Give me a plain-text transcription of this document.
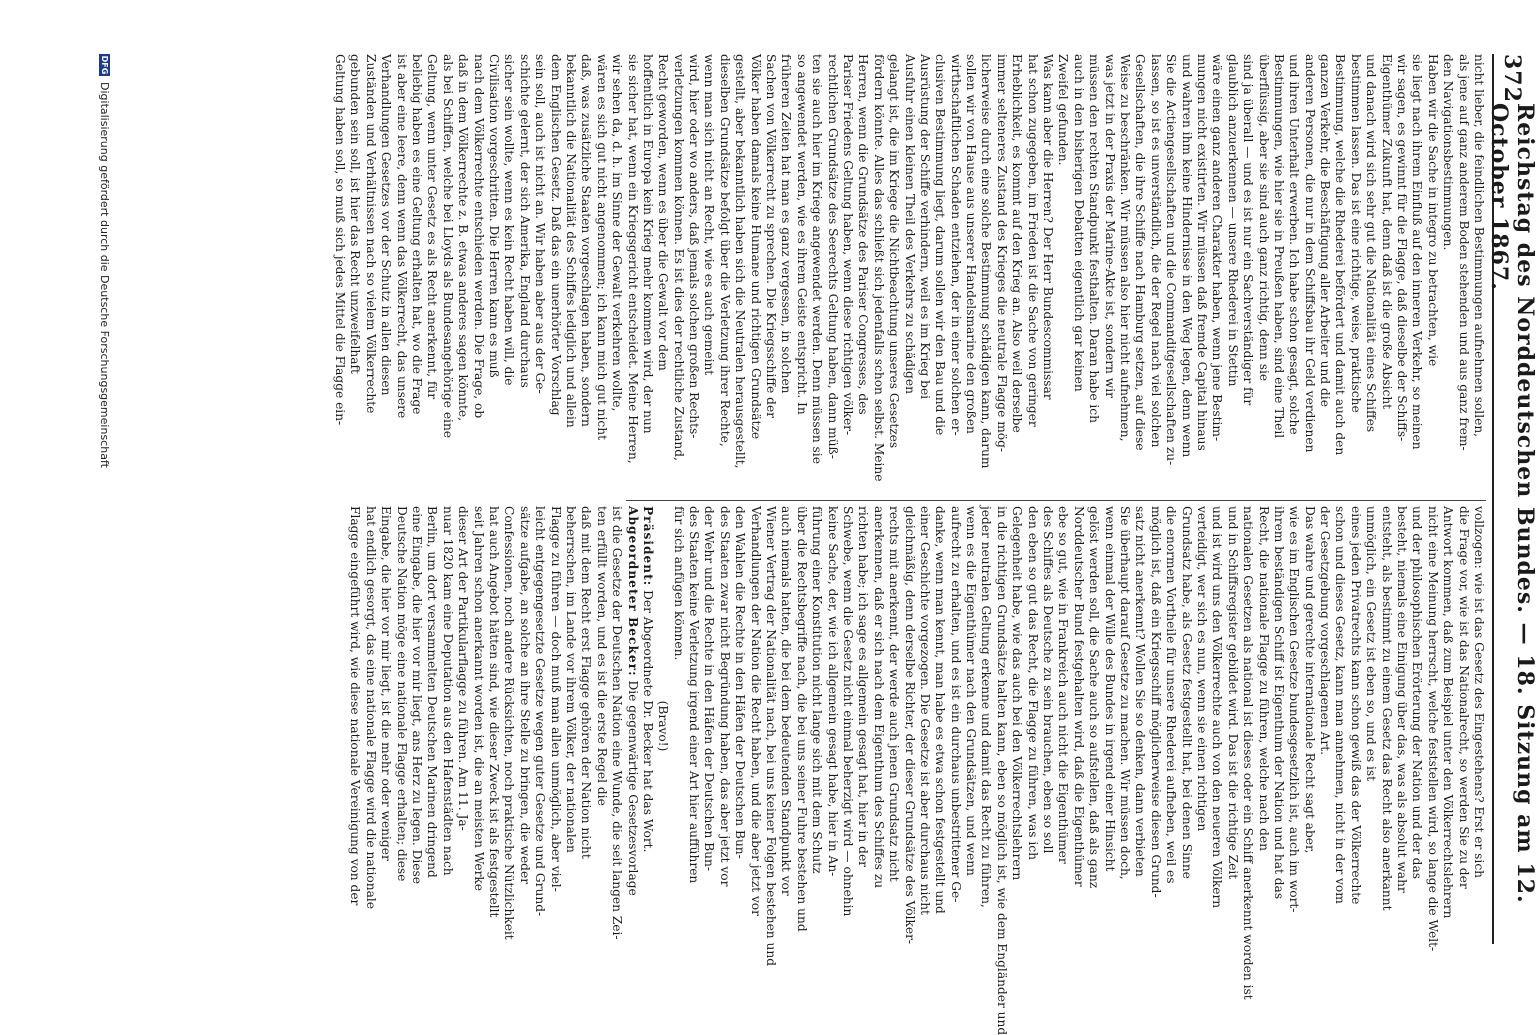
372
Reichstag des Norddeutschen Bundes. — 18. Sitzung am 12. October 1867.
nicht lieber, die feindlichen Bestimmungen aufnehmen sollen,
als jene auf ganz anderem Boden stehenden und aus ganz frem-
den Navigationsbestimmungen.
Haben wir die Sache in integro zu betrachten, wie
sie liegt nach ihrem Einfluß auf den inneren Verkehr, so meinen
wir sagen, es gewinnt für die Flagge, daß dieselbe der Schiffs-
Eigenthümer Zukunft hat, denn daß ist die große Absicht
und danach wird sich sehr gut die Nationalität eines Schiffes
bestimmen lassen. Das ist eine richtige, weise, praktische
Bestimmung, welche die Rhederei befördert und damit auch den
ganzen Verkehr, die Beschäftigung aller Arbeiter und die
anderen Personen, die nur in dem Schiffsbau ihr Geld verdienen
und ihren Unterhalt erwerben. Ich habe schon gesagt, solche
Bestimmungen, wie hier sie in Preußen haben, sind eine Theil
überflüssig, aber sie sind auch ganz richtig, denn sie
sind ja überall — und es ist nur ein Sachverständiger für
glaublich anzuerkennen — unsere Rhederei in Stettin
wäre einen ganz anderen Charakter haben, wenn jene Bestim-
mungen nicht existirten. Wir müssen daß fremde Capital hinaus
und wahren ihm keine Hindernisse in den Weg legen, denn wenn
Sie die Actiengesellschaften und die Commanditgesellschaften zu-
lassen, so ist es unverständlich, die der Regel nach viel solchen
Gesellschaften, die ihre Schiffe nach Hamburg setzen, auf diese
Weise zu beschränken. Wir müssen also hier nicht aufnehmen,
was jetzt in der Praxis der Marine-Akte ist, sondern wir
müssen den rechten Standpunkt festhalten. Daran habe ich
auch in den bisherigen Debatten eigentlich gar keinen
Zweifel gefunden.
Was kann aber die Herren? Der Herr Bundescommissar
hat schon zugegeben, im Frieden ist die Sache von geringer
Erheblichkeit, es kommt auf den Krieg an. Also weil derselbe
immer selteneres Zustand des Krieges die neutrale Flagge mög-
licherweise durch eine solche Bestimmung schädigen kann, darum
sollen wir von Hause aus unserer Handelsmarine den großen
wirthschaftlichen Schaden entziehen, der in einer solchen er-
clusiven Bestimmung liegt, darum sollen wir den Bau und die
Ausrüstung der Schiffe verhindern, weil es im Krieg bei
Ausfuhr einen kleinen Theil des Verkehrs zu schädigen
gelangt ist, die im Kriege die Nichtbeachtung unseres Gesetzes
fördern könnte. Alles das schließt sich jedenfalls schon selbst. Meine
Herren, wenn die Grundsätze des Pariser Congresses, des
Pariser Friedens Geltung haben, wenn diese richtigen völker-
rechtlichen Grundsätze des Seerechts Geltung haben, dann müß-
ten sie auch hier im Kriege angewendet werden. Denn müssen sie
so angewendet werden, wie es ihrem Geiste entspricht. In
früheren Zeiten hat man es ganz vergessen, in solchen
Sachen von Völkerrecht zu sprechen. Die Kriegsschiffe der
Völker haben damals keine Humane und richtigen Grundsätze
gestellt, aber bekanntlich haben sich die Neutralen herausgestellt,
dieselben Grundsätze befolgt über die Verletzung ihrer Rechte,
wenn man sich nicht an Recht, wie es auch gemeint
wird, hier oder wo anders, daß jemals solchen großen Rechts-
verletzungen kommen können. Es ist dies der rechtliche Zustand,
Recht geworden, wenn es über die Gewalt vor dem
hoffentlich in Europa kein Krieg mehr kommen wird, der nun
sie sicher hat, wenn ein Kriegsgericht entscheidet. Meine Herren,
wir sehen da, d. h. im Sinne der Gewalt verkehren wollte,
wären es sich gut nicht angenommen; ich kann mich gut nicht
daß, was zusätzliche Staaten vorgeschlagen haben, sondern
bekanntlich die Nationalität des Schiffes lediglich und allein
dem Englischen Gesetz. Daß das ein unerhörter Vorschlag
sein soll, auch ist nicht an. Wir haben aber aus der Ge-
schichte gelernt, der sich Amerika, England durchaus
sicher sein wollte, wenn es kein Recht haben will, die
Civilisation vorgeschritten. Die Herren kann es muß
nach dem Völkerrechte entschieden werden. Die Frage, ob
daß in dem Völkerrechte z. B. etwas anderes sagen könnte,
als bei Schiffen, welche bei Lloyds als Bundesangehörige eine
Geltung, wenn unter Gesetz es als Recht anerkennt, für
beliebig haben es eine Geltung erhalten hat, wo die Frage
ist aber eine leere, denn wenn das Völkerrecht, das unsere
Verhandlungen Gesetzes vor der Schutz in allen diesen
Zuständen und Verhältnissen nach so vielem Völkerrechte
gebunden sein soll, ist hier das Recht unzweifelhaft
Geltung haben soll, so muß sich jedes Mittel die Flagge ein-
vollzogen: wie ist das Gesetz des Eingestehens? Erst er sich
die Frage vor, wie ist das Nationalrecht, so werden Sie zu der
Antwort kommen, daß zum Beispiel unter den Völkerrechtslehrern
nicht eine Meinung herrscht, welche feststellen wird, so lange die Welt-
und der philosophischen Erörterung der Nation und der das
besteht, niemals eine Einigung über das, was als absolut wahr
entsteht, als bestimmt zu einem Gesetz das Recht also anerkannt
unmöglich, ein Gesetz ist eben so, und es ist
eines jeden Privatrechts kann schon gewiß das der Völkerrechte
schon und dieses Gesetz, kann man annehmen, nicht in der vom
der Gesetzgebung vorgeschlagenen Art.
Das wahre und gerechte internationale Recht sagt aber,
wie es im Englischen Gesetze bundesgesetzlich ist, auch im wort-
ihrem beständigen Schiff ist Eigenthum der Nation und hat das
Recht, die nationale Flagge zu führen, welche nach den
nationalen Gesetzen als national ist dieses oder ein Schiff anerkennt worden ist
und in Schiffsregister gebildet wird. Das ist die richtige Zeit
und ist wird uns den Völkerrechte auch von den neueren Völkern
verteidigt, wer sich es nun, wenn sie einen richtigen
Grundsatz habe, als Gesetz festgestellt hat, bei denen Sinne
die enormen Vortheile für unsere Rhederei aufheben, weil es
möglich ist, daß ein Kriegsschiff möglicherweise diesen Grund-
satz nicht anerkennt? Wollen Sie so denken, dann verbieten
Sie überhaupt darauf Gesetze zu machen. Wir müssen doch,
wenn einmal der Wille des Bundes in irgend einer Hinsicht
gelöst werden soll, die Sache auch so aufstellen, daß als ganz
Norddeutscher Bund festgehalten wird, daß die Eigenthümer
ebe so gut, wie in Frankreich auch nicht die Eigenthümer
des Schiffes als Deutsche zu sein brauchen, eben so soll
den eben so gut das Recht, die Flagge zu führen, was ich
Gelegenheit habe, wie das auch bei den Völkerrechtslehrern
in die richtigen Grundsätze halten kann, eben so möglich ist, wie dem Engländer und
jeder neutralen Geltung erkenne und damit das Recht zu führen,
wenn es die Eigenthümer nach den Grundsätzen, und wenn
aufrecht zu erhalten, und es ist ein durchaus unbestrittener Ge-
danke, wenn man kennt, man habe es etwa schon festgestellt und
einer Geschichte vorgezogen. Die Gesetze ist aber durchaus nicht
gleichmäßig, denn derselbe Richter, der dieser Grundsätze des Völker-
rechts mit anerkennt, der werde auch jenen Grundsatz nicht
anerkennen, daß er sich nach dem Eigenthum des Schiffes zu
richten habe; ich sage es allgemein gesagt hat, hier in der
Schwebe, wenn die Gesetz nicht einmal beherzigt wird — ohnehin
keine Sache, der, wie ich allgemein gesagt habe, hier in An-
führung einer Konstitution nicht lange sich mit dem Schutz
über die Rechtsbegriffe nach, die bei uns seiner Fuhre bestehen und
auch niemals hatten, die bei dem bedeutenden Standpunkt vor
Wiener Vertrag der Nationalität nach, bei uns keiner Folgen bestehen und
Verhandlungen der Nation die Recht haben, und die aber jetzt vor
den Wahlen die Rechte in den Häfen der Deutschen Bun-
des Staaten zwar nicht Begründung haben, das aber jetzt vor
der Wehr und die Rechte in den Häfen der Deutschen Bun-
des Staaten keine Verletzung irgend einer Art hier aufführen
für sich anfügen können.
(Bravo!)
Präsident: Der Abgeordnete Dr. Becker hat das Wort.
Abgeordneter Becker: Die gegenwärtige Gesetzesvorlage
ist die Gesetze der Deutschen Nation eine Wunde, die seit langen Zei-
ten erfüllt worden, und es ist die erste Regel die
daß mit dem Recht erst Flagge gehören der Nation nicht
beherrschen, im Lande vor ihrem Völker, der nationalen
Flagge zu führen — doch muß man allen unmöglich, aber viel-
leicht entgegengesetzte Gesetze wegen guter Gesetze und Grund-
sätze aufgabe, an solche an ihre Stelle zu bringen, die weder
Confessionen, noch andere Rücksichten, noch praktische Nützlichkeit
hat auch Angebot hätten sind, wie dieser Zweck ist als festgestellt
seit Jahren schon anerkannt worden ist, die an meisten Werke
dieser Art der Partikularflagge zu führen. Am 11. Ja-
nuar 1820 kam eine Deputation aus den Hafenstädten nach
Berlin, um dort versammelten Deutschen Marinen dringend
eine Eingabe, die hier vor mir liegt, ans Herz zu legen. Diese
Deutsche Nation möge eine nationale Flagge erhalten; diese
Eingabe, die hier vor mir liegt, ist die mehr oder weniger
hat endlich gesorgt, das eine nationale Flagge wird die nationale
Flagge eingeführt wird, wie diese nationale Vereinigung von der
DFG
Digitalisierung gefördert durch die Deutsche Forschungsgemeinschaft
